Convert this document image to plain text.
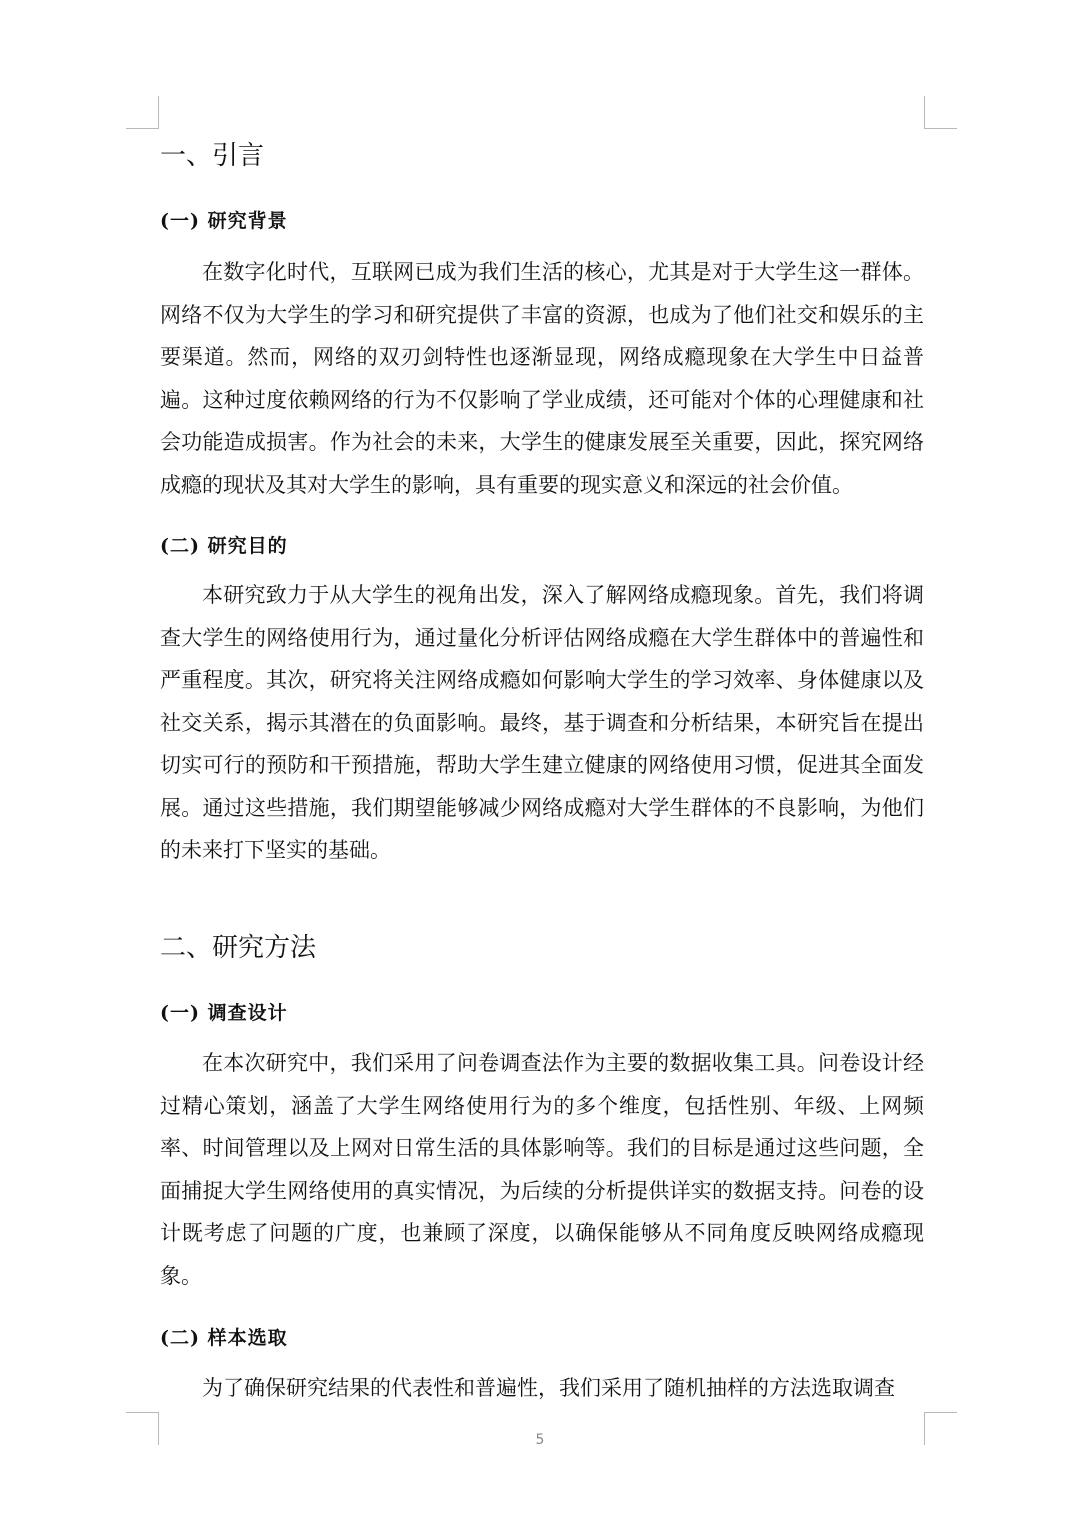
一、引言
(一) 研究背景
在数字化时代，互联网已成为我们生活的核心，尤其是对于大学生这一群体。网络不仅为大学生的学习和研究提供了丰富的资源，也成为了他们社交和娱乐的主要渠道。然而，网络的双刃剑特性也逐渐显现，网络成瘾现象在大学生中日益普遍。这种过度依赖网络的行为不仅影响了学业成绩，还可能对个体的心理健康和社会功能造成损害。作为社会的未来，大学生的健康发展至关重要，因此，探究网络成瘾的现状及其对大学生的影响，具有重要的现实意义和深远的社会价值。
(二) 研究目的
本研究致力于从大学生的视角出发，深入了解网络成瘾现象。首先，我们将调查大学生的网络使用行为，通过量化分析评估网络成瘾在大学生群体中的普遍性和严重程度。其次，研究将关注网络成瘾如何影响大学生的学习效率、身体健康以及社交关系，揭示其潜在的负面影响。最终，基于调查和分析结果，本研究旨在提出切实可行的预防和干预措施，帮助大学生建立健康的网络使用习惯，促进其全面发展。通过这些措施，我们期望能够减少网络成瘾对大学生群体的不良影响，为他们的未来打下坚实的基础。
二、研究方法
(一) 调查设计
在本次研究中，我们采用了问卷调查法作为主要的数据收集工具。问卷设计经过精心策划，涵盖了大学生网络使用行为的多个维度，包括性别、年级、上网频率、时间管理以及上网对日常生活的具体影响等。我们的目标是通过这些问题，全面捕捉大学生网络使用的真实情况，为后续的分析提供详实的数据支持。问卷的设计既考虑了问题的广度，也兼顾了深度，以确保能够从不同角度反映网络成瘾现象。
(二) 样本选取
为了确保研究结果的代表性和普遍性，我们采用了随机抽样的方法选取调查
5
